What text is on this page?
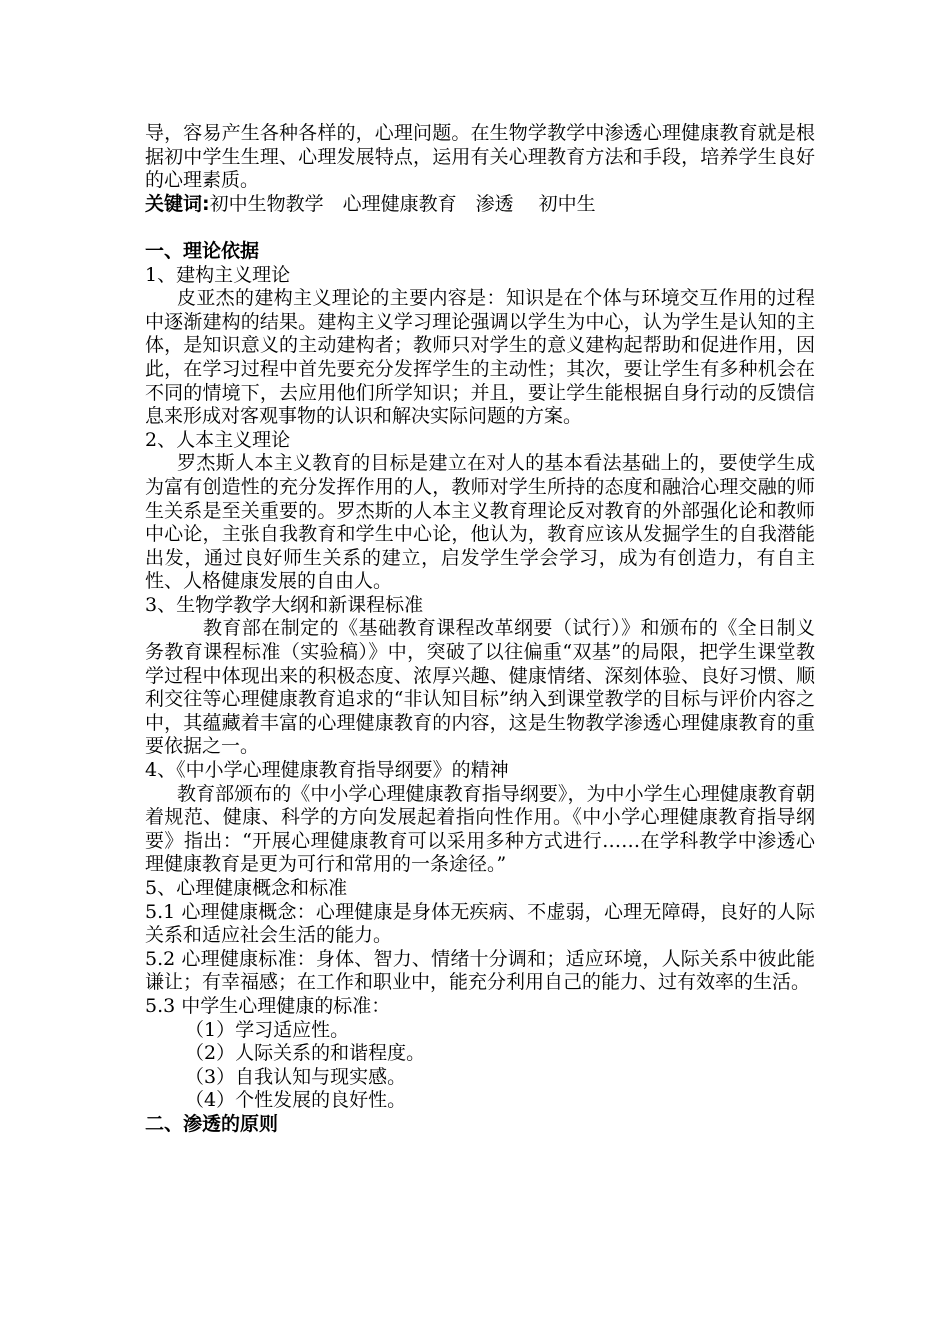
导，容易产生各种各样的，心理问题。在生物学教学中渗透心理健康教育就是根据初中学生生理、心理发展特点，运用有关心理教育方法和手段，培养学生良好的心理素质。

关键词:初中生物教学　心理健康教育　渗透　 初中生

一、理论依据

1、建构主义理论

皮亚杰的建构主义理论的主要内容是：知识是在个体与环境交互作用的过程中逐渐建构的结果。建构主义学习理论强调以学生为中心，认为学生是认知的主体，是知识意义的主动建构者；教师只对学生的意义建构起帮助和促进作用，因此，在学习过程中首先要充分发挥学生的主动性；其次，要让学生有多种机会在不同的情境下，去应用他们所学知识；并且，要让学生能根据自身行动的反馈信息来形成对客观事物的认识和解决实际问题的方案。

2、人本主义理论

罗杰斯人本主义教育的目标是建立在对人的基本看法基础上的，要使学生成为富有创造性的充分发挥作用的人，教师对学生所持的态度和融洽心理交融的师生关系是至关重要的。罗杰斯的人本主义教育理论反对教育的外部强化论和教师中心论，主张自我教育和学生中心论，他认为，教育应该从发掘学生的自我潜能出发，通过良好师生关系的建立，启发学生学会学习，成为有创造力，有自主性、人格健康发展的自由人。

3、生物学教学大纲和新课程标准

教育部在制定的《基础教育课程改革纲要（试行）》和颁布的《全日制义务教育课程标准（实验稿）》中，突破了以往偏重“双基”的局限，把学生课堂教学过程中体现出来的积极态度、浓厚兴趣、健康情绪、深刻体验、良好习惯、顺利交往等心理健康教育追求的“非认知目标”纳入到课堂教学的目标与评价内容之中，其蕴藏着丰富的心理健康教育的内容，这是生物教学渗透心理健康教育的重要依据之一。

4、《中小学心理健康教育指导纲要》的精神

教育部颁布的《中小学心理健康教育指导纲要》，为中小学生心理健康教育朝着规范、健康、科学的方向发展起着指向性作用。《中小学心理健康教育指导纲要》指出：“开展心理健康教育可以采用多种方式进行……在学科教学中渗透心理健康教育是更为可行和常用的一条途径。”

5、心理健康概念和标准

5.1 心理健康概念：心理健康是身体无疾病、不虚弱，心理无障碍，良好的人际关系和适应社会生活的能力。

5.2 心理健康标准：身体、智力、情绪十分调和；适应环境，人际关系中彼此能谦让；有幸福感；在工作和职业中，能充分利用自己的能力、过有效率的生活。

5.3 中学生心理健康的标准：

（1）学习适应性。

（2）人际关系的和谐程度。

（3）自我认知与现实感。

（4）个性发展的良好性。

二、渗透的原则
